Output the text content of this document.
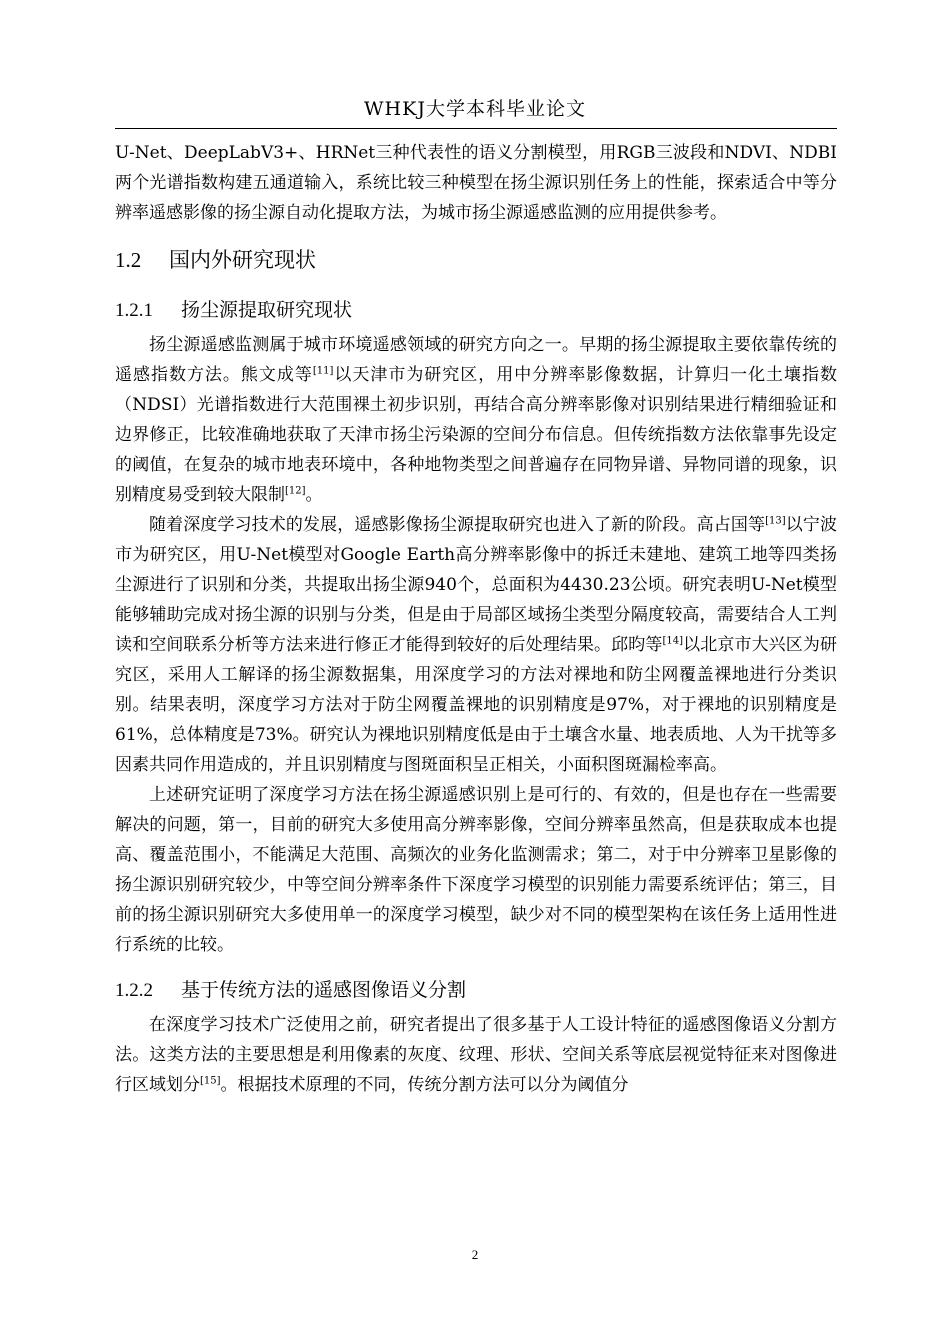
WHKJ大学本科毕业论文

U-Net、DeepLabV3+、HRNet三种代表性的语义分割模型，用RGB三波段和NDVI、NDBI两个光谱指数构建五通道输入，系统比较三种模型在扬尘源识别任务上的性能，探索适合中等分辨率遥感影像的扬尘源自动化提取方法，为城市扬尘源遥感监测的应用提供参考。

1.2 国内外研究现状
1.2.1 扬尘源提取研究现状

扬尘源遥感监测属于城市环境遥感领域的研究方向之一。早期的扬尘源提取主要依靠传统的遥感指数方法。熊文成等[11]以天津市为研究区，用中分辨率影像数据，计算归一化土壤指数（NDSI）光谱指数进行大范围裸土初步识别，再结合高分辨率影像对识别结果进行精细验证和边界修正，比较准确地获取了天津市扬尘污染源的空间分布信息。但传统指数方法依靠事先设定的阈值，在复杂的城市地表环境中，各种地物类型之间普遍存在同物异谱、异物同谱的现象，识别精度易受到较大限制[12]。

随着深度学习技术的发展，遥感影像扬尘源提取研究也进入了新的阶段。高占国等[13]以宁波市为研究区，用U-Net模型对Google Earth高分辨率影像中的拆迁未建地、建筑工地等四类扬尘源进行了识别和分类，共提取出扬尘源940个，总面积为4430.23公顷。研究表明U-Net模型能够辅助完成对扬尘源的识别与分类，但是由于局部区域扬尘类型分隔度较高，需要结合人工判读和空间联系分析等方法来进行修正才能得到较好的后处理结果。邱昀等[14]以北京市大兴区为研究区，采用人工解译的扬尘源数据集，用深度学习的方法对裸地和防尘网覆盖裸地进行分类识别。结果表明，深度学习方法对于防尘网覆盖裸地的识别精度是97%，对于裸地的识别精度是61%，总体精度是73%。研究认为裸地识别精度低是由于土壤含水量、地表质地、人为干扰等多因素共同作用造成的，并且识别精度与图斑面积呈正相关，小面积图斑漏检率高。

上述研究证明了深度学习方法在扬尘源遥感识别上是可行的、有效的，但是也存在一些需要解决的问题，第一，目前的研究大多使用高分辨率影像，空间分辨率虽然高，但是获取成本也提高、覆盖范围小，不能满足大范围、高频次的业务化监测需求；第二，对于中分辨率卫星影像的扬尘源识别研究较少，中等空间分辨率条件下深度学习模型的识别能力需要系统评估；第三，目前的扬尘源识别研究大多使用单一的深度学习模型，缺少对不同的模型架构在该任务上适用性进行系统的比较。

1.2.2 基于传统方法的遥感图像语义分割

在深度学习技术广泛使用之前，研究者提出了很多基于人工设计特征的遥感图像语义分割方法。这类方法的主要思想是利用像素的灰度、纹理、形状、空间关系等底层视觉特征来对图像进行区域划分[15]。根据技术原理的不同，传统分割方法可以分为阈值分

2
